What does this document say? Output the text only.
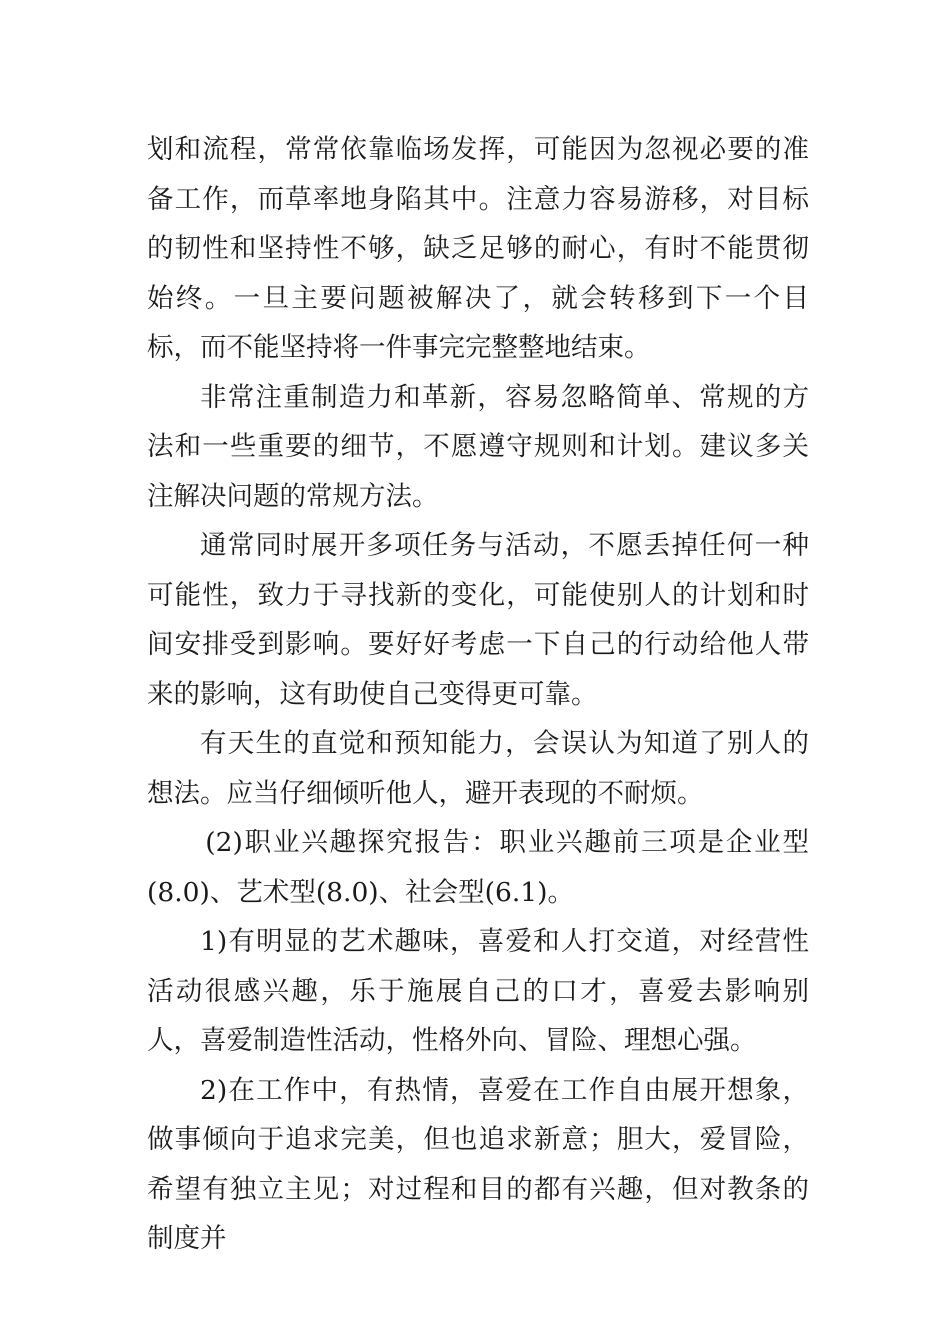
划和流程，常常依靠临场发挥，可能因为忽视必要的准备工作，而草率地身陷其中。注意力容易游移，对目标的韧性和坚持性不够，缺乏足够的耐心，有时不能贯彻始终。一旦主要问题被解决了，就会转移到下一个目标，而不能坚持将一件事完完整整地结束。

非常注重制造力和革新，容易忽略简单、常规的方法和一些重要的细节，不愿遵守规则和计划。建议多关注解决问题的常规方法。

通常同时展开多项任务与活动，不愿丢掉任何一种可能性，致力于寻找新的变化，可能使别人的计划和时间安排受到影响。要好好考虑一下自己的行动给他人带来的影响，这有助使自己变得更可靠。

有天生的直觉和预知能力，会误认为知道了别人的想法。应当仔细倾听他人，避开表现的不耐烦。

(2)职业兴趣探究报告：职业兴趣前三项是企业型(8.0)、艺术型(8.0)、社会型(6.1)。

1)有明显的艺术趣味，喜爱和人打交道，对经营性活动很感兴趣，乐于施展自己的口才，喜爱去影响别人，喜爱制造性活动，性格外向、冒险、理想心强。

2)在工作中，有热情，喜爱在工作自由展开想象，做事倾向于追求完美，但也追求新意；胆大，爱冒险，希望有独立主见；对过程和目的都有兴趣，但对教条的制度并
